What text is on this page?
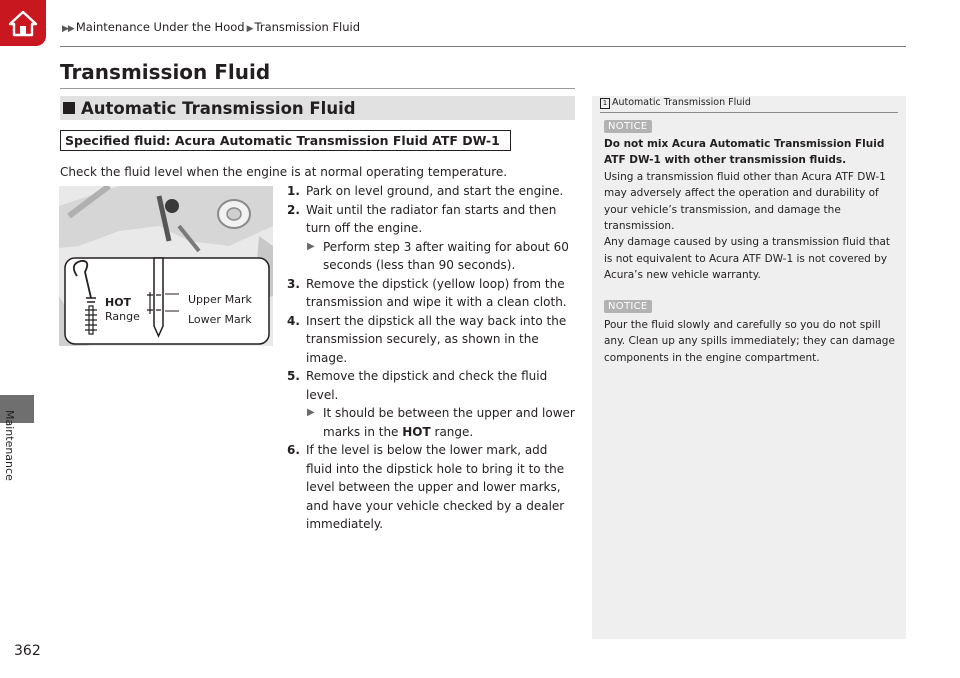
▶▶ Maintenance Under the Hood ▶ Transmission Fluid
Maintenance
362
Transmission Fluid
Automatic Transmission Fluid
Specified fluid: Acura Automatic Transmission Fluid ATF DW-1
Check the fluid level when the engine is at normal operating temperature.
HOT
Range
Upper Mark
Lower Mark
1. Park on level ground, and start the engine.
2. Wait until the radiator fan starts and then turn off the engine.
▶ Perform step 3 after waiting for about 60 seconds (less than 90 seconds).
3. Remove the dipstick (yellow loop) from the transmission and wipe it with a clean cloth.
4. Insert the dipstick all the way back into the transmission securely, as shown in the image.
5. Remove the dipstick and check the fluid level.
▶ It should be between the upper and lower marks in the HOT range.
6. If the level is below the lower mark, add fluid into the dipstick hole to bring it to the level between the upper and lower marks, and have your vehicle checked by a dealer immediately.
1 Automatic Transmission Fluid
NOTICE
Do not mix Acura Automatic Transmission Fluid ATF DW-1 with other transmission fluids.
Using a transmission fluid other than Acura ATF DW-1 may adversely affect the operation and durability of your vehicle’s transmission, and damage the transmission.
Any damage caused by using a transmission fluid that is not equivalent to Acura ATF DW-1 is not covered by Acura’s new vehicle warranty.
NOTICE
Pour the fluid slowly and carefully so you do not spill any. Clean up any spills immediately; they can damage components in the engine compartment.
